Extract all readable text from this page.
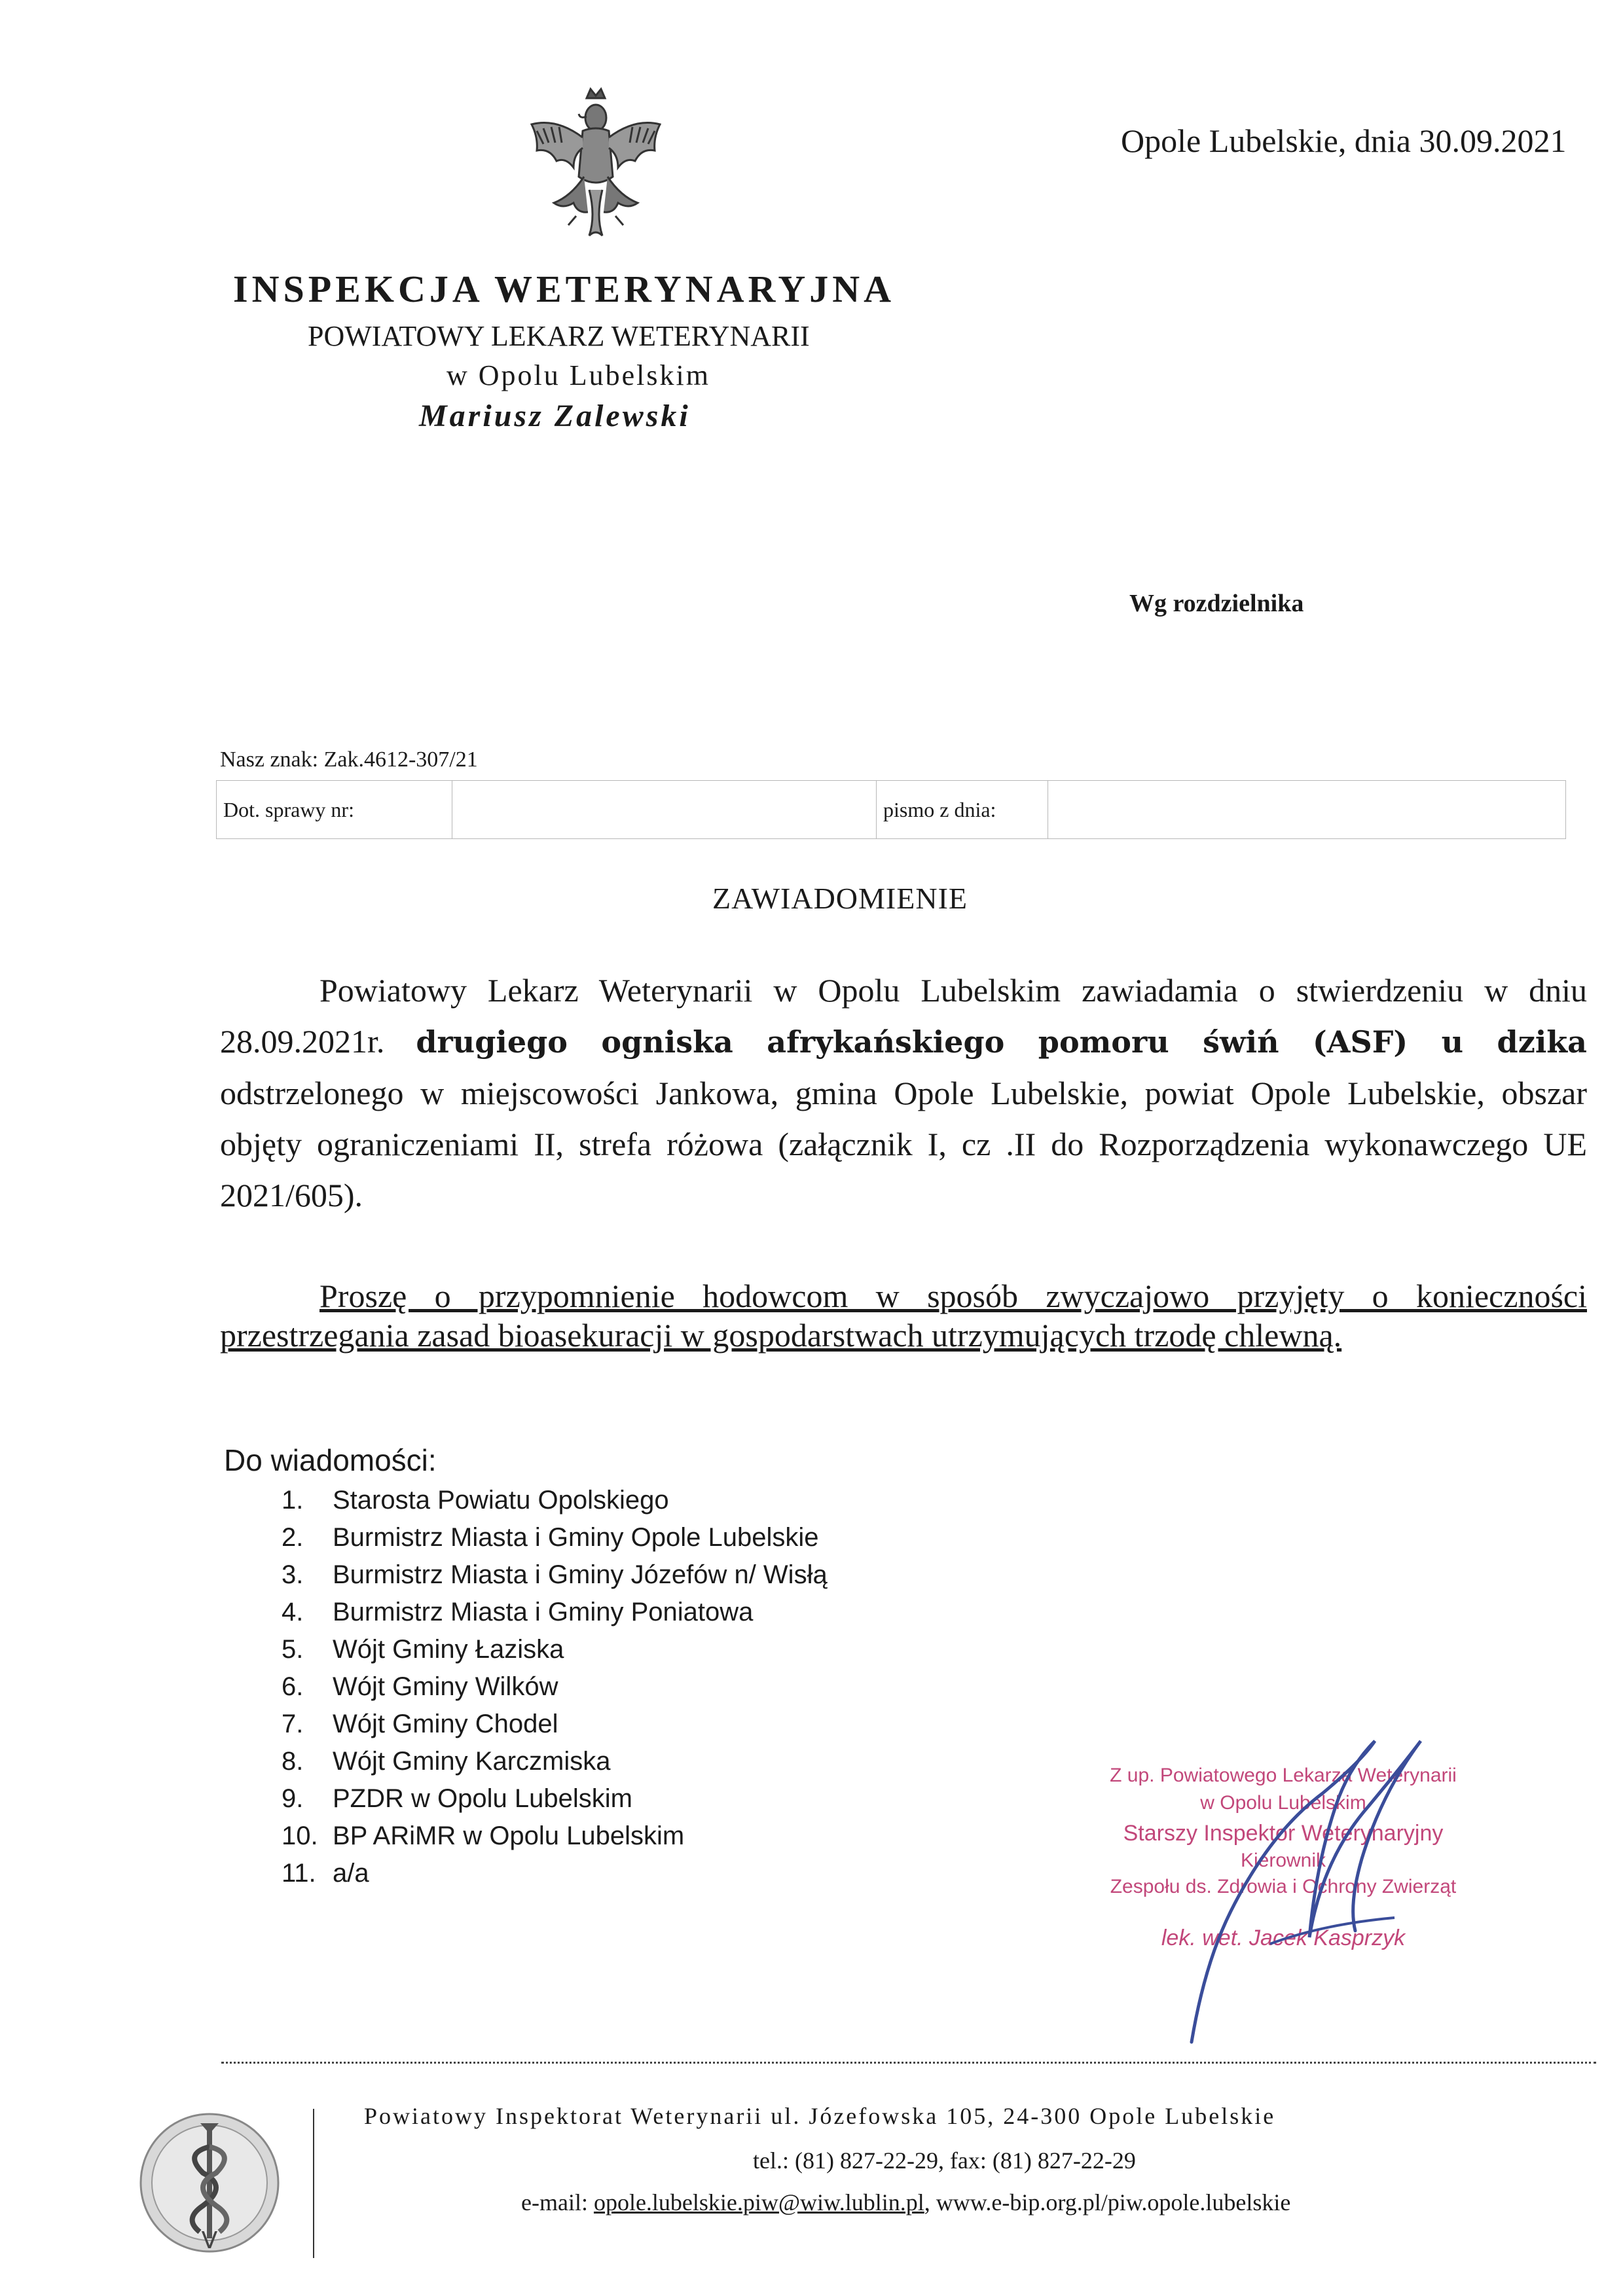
Opole Lubelskie, dnia 30.09.2021
INSPEKCJA WETERYNARYJNA
POWIATOWY LEKARZ WETERYNARII
w Opolu Lubelskim
Mariusz Zalewski
Wg rozdzielnika
Nasz znak: Zak.4612-307/21
Dot. sprawy nr:	pismo z dnia:
ZAWIADOMIENIE
Powiatowy Lekarz Weterynarii w Opolu Lubelskim zawiadamia o stwierdzeniu w dniu 28.09.2021r. drugiego ogniska afrykańskiego pomoru świń (ASF) u dzika odstrzelonego w miejscowości Jankowa, gmina Opole Lubelskie, powiat Opole Lubelskie, obszar objęty ograniczeniami II, strefa różowa (załącznik I, cz .II do Rozporządzenia wykonawczego UE 2021/605).
Proszę o przypomnienie hodowcom w sposób zwyczajowo przyjęty o konieczności przestrzegania zasad bioasekuracji w gospodarstwach utrzymujących trzodę chlewną.
Do wiadomości:
1. Starosta Powiatu Opolskiego
2. Burmistrz Miasta i Gminy Opole Lubelskie
3. Burmistrz Miasta i Gminy Józefów n/ Wisłą
4. Burmistrz Miasta i Gminy Poniatowa
5. Wójt Gminy Łaziska
6. Wójt Gminy Wilków
7. Wójt Gminy Chodel
8. Wójt Gminy Karczmiska
9. PZDR w Opolu Lubelskim
10. BP ARiMR w Opolu Lubelskim
11. a/a
Z up. Powiatowego Lekarza Weterynarii
w Opolu Lubelskim
Starszy Inspektor Weterynaryjny
Kierownik
Zespołu ds. Zdrowia i Ochrony Zwierząt
lek. wet. Jacek Kasprzyk
V
Powiatowy Inspektorat Weterynarii ul. Józefowska 105, 24-300 Opole Lubelskie
tel.: (81) 827-22-29, fax: (81) 827-22-29
e-mail: opole.lubelskie.piw@wiw.lublin.pl, www.e-bip.org.pl/piw.opole.lubelskie
